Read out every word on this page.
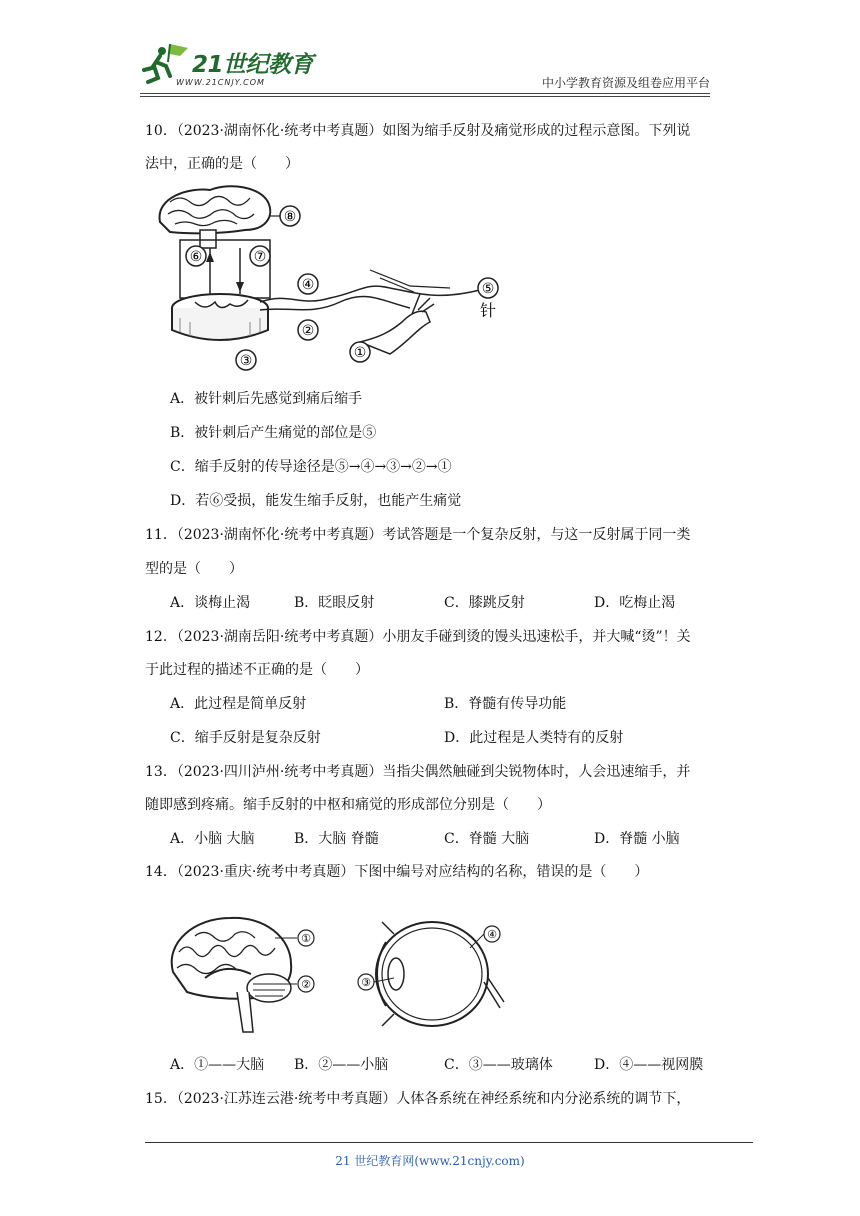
21世纪教育
WWW.21CNJY.COM	中小学教育资源及组卷应用平台
10．（2023·湖南怀化·统考中考真题）如图为缩手反射及痛觉形成的过程示意图。下列说
法中，正确的是（　　）
⑧
⑥	⑦
③
④
②
①
⑤
针
A．被针刺后先感觉到痛后缩手
B．被针刺后产生痛觉的部位是⑤
C．缩手反射的传导途径是⑤→④→③→②→①
D．若⑥受损，能发生缩手反射，也能产生痛觉
11．（2023·湖南怀化·统考中考真题）考试答题是一个复杂反射，与这一反射属于同一类
型的是（　　）
A．谈梅止渴	B．眨眼反射	C．膝跳反射	D．吃梅止渴
12．（2023·湖南岳阳·统考中考真题）小朋友手碰到烫的馒头迅速松手，并大喊“烫”！关
于此过程的描述不正确的是（　　）
A．此过程是简单反射	B．脊髓有传导功能
C．缩手反射是复杂反射	D．此过程是人类特有的反射
13．（2023·四川泸州·统考中考真题）当指尖偶然触碰到尖锐物体时，人会迅速缩手，并
随即感到疼痛。缩手反射的中枢和痛觉的形成部位分别是（　　）
A．小脑 大脑	B．大脑 脊髓	C．脊髓 大脑	D．脊髓 小脑
14．（2023·重庆·统考中考真题）下图中编号对应结构的名称，错误的是（　　）
①
②	③
④
A．①——大脑 B．②——小脑	C．③——玻璃体	D．④——视网膜
15．（2023·江苏连云港·统考中考真题）人体各系统在神经系统和内分泌系统的调节下，
21 世纪教育网(www.21cnjy.com)
